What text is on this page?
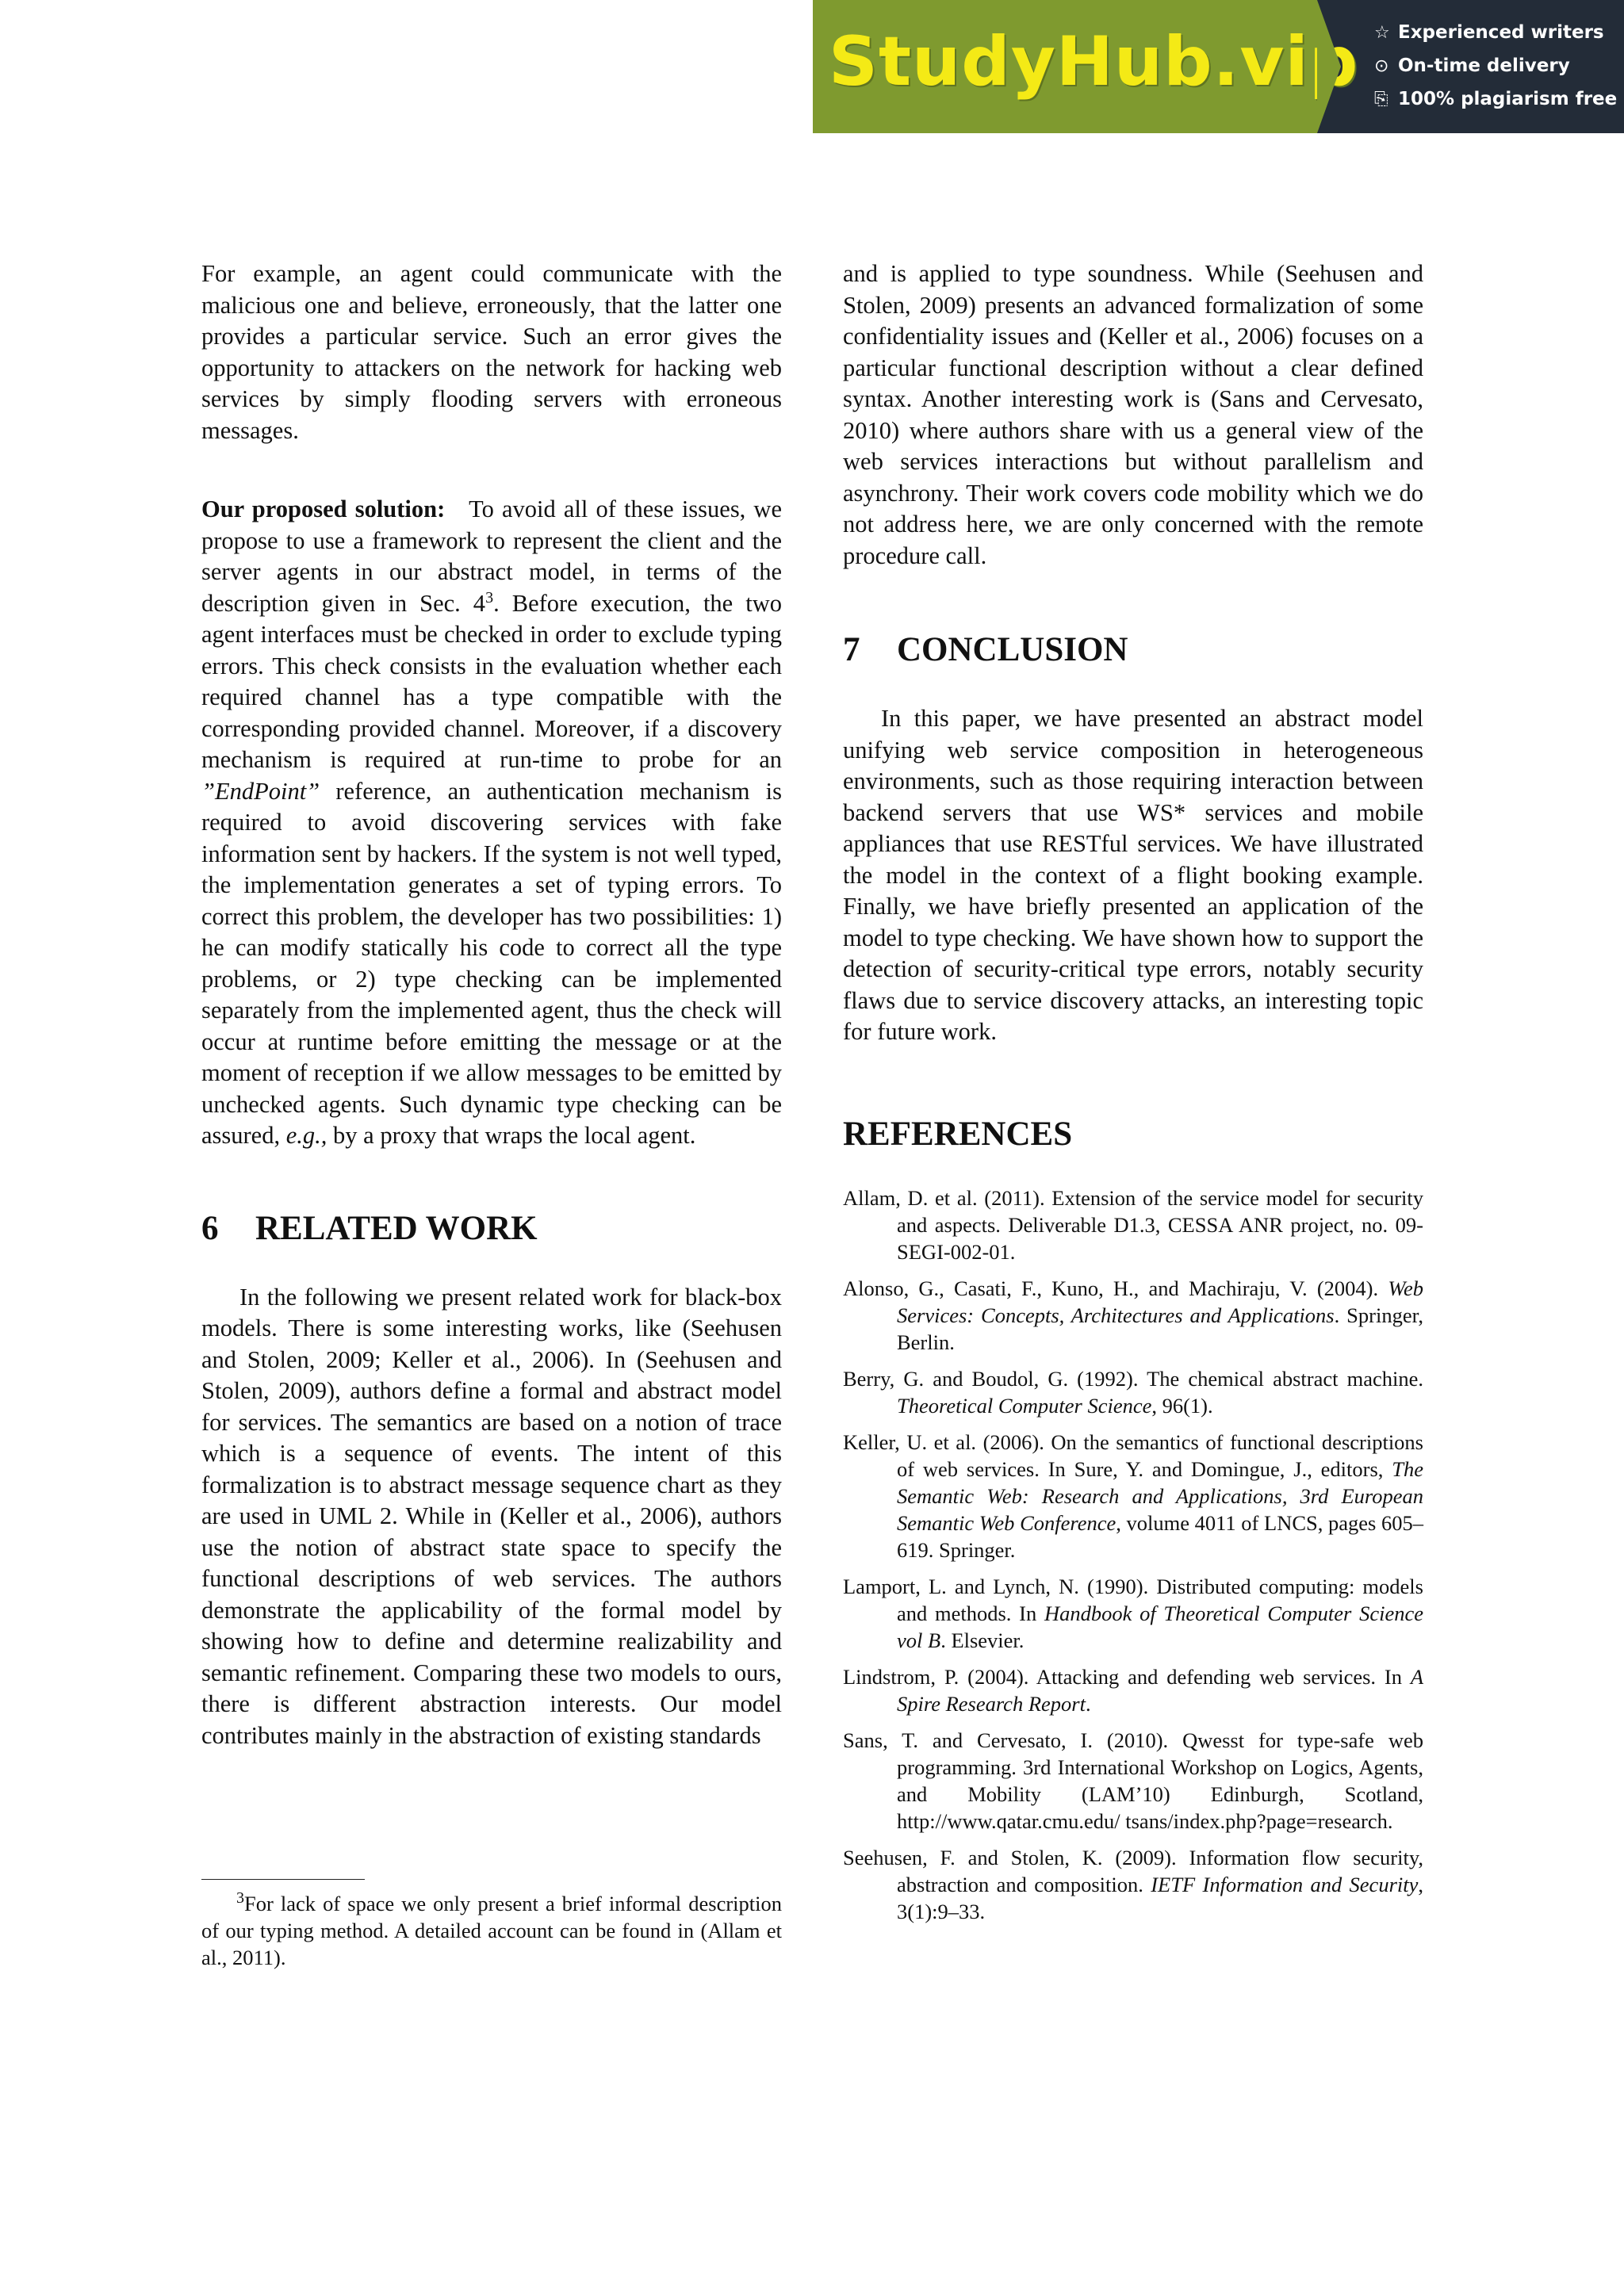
StudyHub.vip ☆ Experienced writers
⊙ On-time delivery
⎘ 100% plagiarism free

For example, an agent could communicate with the malicious one and believe, erroneously, that the latter one provides a particular service. Such an error gives the opportunity to attackers on the network for hacking web services by simply flooding servers with erroneous messages.

Our proposed solution: To avoid all of these issues, we propose to use a framework to represent the client and the server agents in our abstract model, in terms of the description given in Sec. $4^3$. Before execution, the two agent interfaces must be checked in order to exclude typing errors. This check consists in the evaluation whether each required channel has a type compatible with the corresponding provided channel. Moreover, if a discovery mechanism is required at run-time to probe for an ”EndPoint” reference, an authentication mechanism is required to avoid discovering services with fake information sent by hackers. If the system is not well typed, the implementation generates a set of typing errors. To correct this problem, the developer has two possibilities: 1) he can modify statically his code to correct all the type problems, or 2) type checking can be implemented separately from the implemented agent, thus the check will occur at runtime before emitting the message or at the moment of reception if we allow messages to be emitted by unchecked agents. Such dynamic type checking can be assured, e.g., by a proxy that wraps the local agent.

6 RELATED WORK

In the following we present related work for black-box models. There is some interesting works, like (Seehusen and Stolen, 2009; Keller et al., 2006). In (Seehusen and Stolen, 2009), authors define a formal and abstract model for services. The semantics are based on a notion of trace which is a sequence of events. The intent of this formalization is to abstract message sequence chart as they are used in UML 2. While in (Keller et al., 2006), authors use the notion of abstract state space to specify the functional descriptions of web services. The authors demonstrate the applicability of the formal model by showing how to define and determine realizability and semantic refinement. Comparing these two models to ours, there is different abstraction interests. Our model contributes mainly in the abstraction of existing standards

$^3$For lack of space we only present a brief informal description of our typing method. A detailed account can be found in (Allam et al., 2011).

and is applied to type soundness. While (Seehusen and Stolen, 2009) presents an advanced formalization of some confidentiality issues and (Keller et al., 2006) focuses on a particular functional description without a clear defined syntax. Another interesting work is (Sans and Cervesato, 2010) where authors share with us a general view of the web services interactions but without parallelism and asynchrony. Their work covers code mobility which we do not address here, we are only concerned with the remote procedure call.

7 CONCLUSION

In this paper, we have presented an abstract model unifying web service composition in heterogeneous environments, such as those requiring interaction between backend servers that use WS* services and mobile appliances that use RESTful services. We have illustrated the model in the context of a flight booking example. Finally, we have briefly presented an application of the model to type checking. We have shown how to support the detection of security-critical type errors, notably security flaws due to service discovery attacks, an interesting topic for future work.

REFERENCES

Allam, D. et al. (2011). Extension of the service model for security and aspects. Deliverable D1.3, CESSA ANR project, no. 09-SEGI-002-01.

Alonso, G., Casati, F., Kuno, H., and Machiraju, V. (2004). Web Services: Concepts, Architectures and Applications. Springer, Berlin.

Berry, G. and Boudol, G. (1992). The chemical abstract machine. Theoretical Computer Science, 96(1).

Keller, U. et al. (2006). On the semantics of functional descriptions of web services. In Sure, Y. and Domingue, J., editors, The Semantic Web: Research and Applications, 3rd European Semantic Web Conference, volume 4011 of LNCS, pages 605–619. Springer.

Lamport, L. and Lynch, N. (1990). Distributed computing: models and methods. In Handbook of Theoretical Computer Science vol B. Elsevier.

Lindstrom, P. (2004). Attacking and defending web services. In A Spire Research Report.

Sans, T. and Cervesato, I. (2010). Qwesst for type-safe web programming. 3rd International Workshop on Logics, Agents, and Mobility (LAM’10) Edinburgh, Scotland, http://www.qatar.cmu.edu/ tsans/index.php?page=research.

Seehusen, F. and Stolen, K. (2009). Information flow security, abstraction and composition. IETF Information and Security, 3(1):9–33.
